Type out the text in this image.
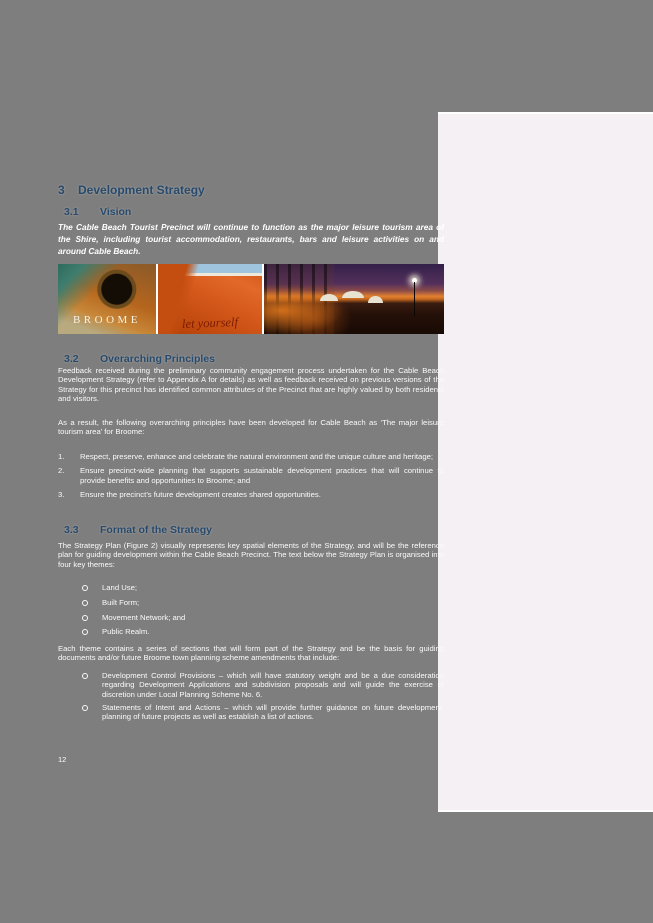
3	Development Strategy
3.1	Vision

The Cable Beach Tourist Precinct will continue to function as the major leisure tourism area of the Shire, including tourist accommodation, restaurants, bars and leisure activities on and around Cable Beach.

BROOME	let yourself
3.2	Overarching Principles

Feedback received during the preliminary community engagement process undertaken for the Cable Beach Development Strategy (refer to Appendix A for details) as well as feedback received on previous versions of the Strategy for this precinct has identified common attributes of the Precinct that are highly valued by both residents and visitors.

As a result, the following overarching principles have been developed for Cable Beach as ‘The major leisure tourism area’ for Broome:

1. Respect, preserve, enhance and celebrate the natural environment and the unique culture and heritage;
2. Ensure precinct-wide planning that supports sustainable development practices that will continue to provide benefits and opportunities to Broome; and
3. Ensure the precinct’s future development creates shared opportunities.
3.3	Format of the Strategy

The Strategy Plan (Figure 2) visually represents key spatial elements of the Strategy, and will be the reference plan for guiding development within the Cable Beach Precinct. The text below the Strategy Plan is organised into four key themes:

Land Use;
Built Form;
Movement Network; and
Public Realm.

Each theme contains a series of sections that will form part of the Strategy and be the basis for guiding documents and/or future Broome town planning scheme amendments that include:

Development Control Provisions – which will have statutory weight and be a due consideration regarding Development Applications and subdivision proposals and will guide the exercise of discretion under Local Planning Scheme No. 6.
Statements of Intent and Actions – which will provide further guidance on future development, planning of future projects as well as establish a list of actions.
12
